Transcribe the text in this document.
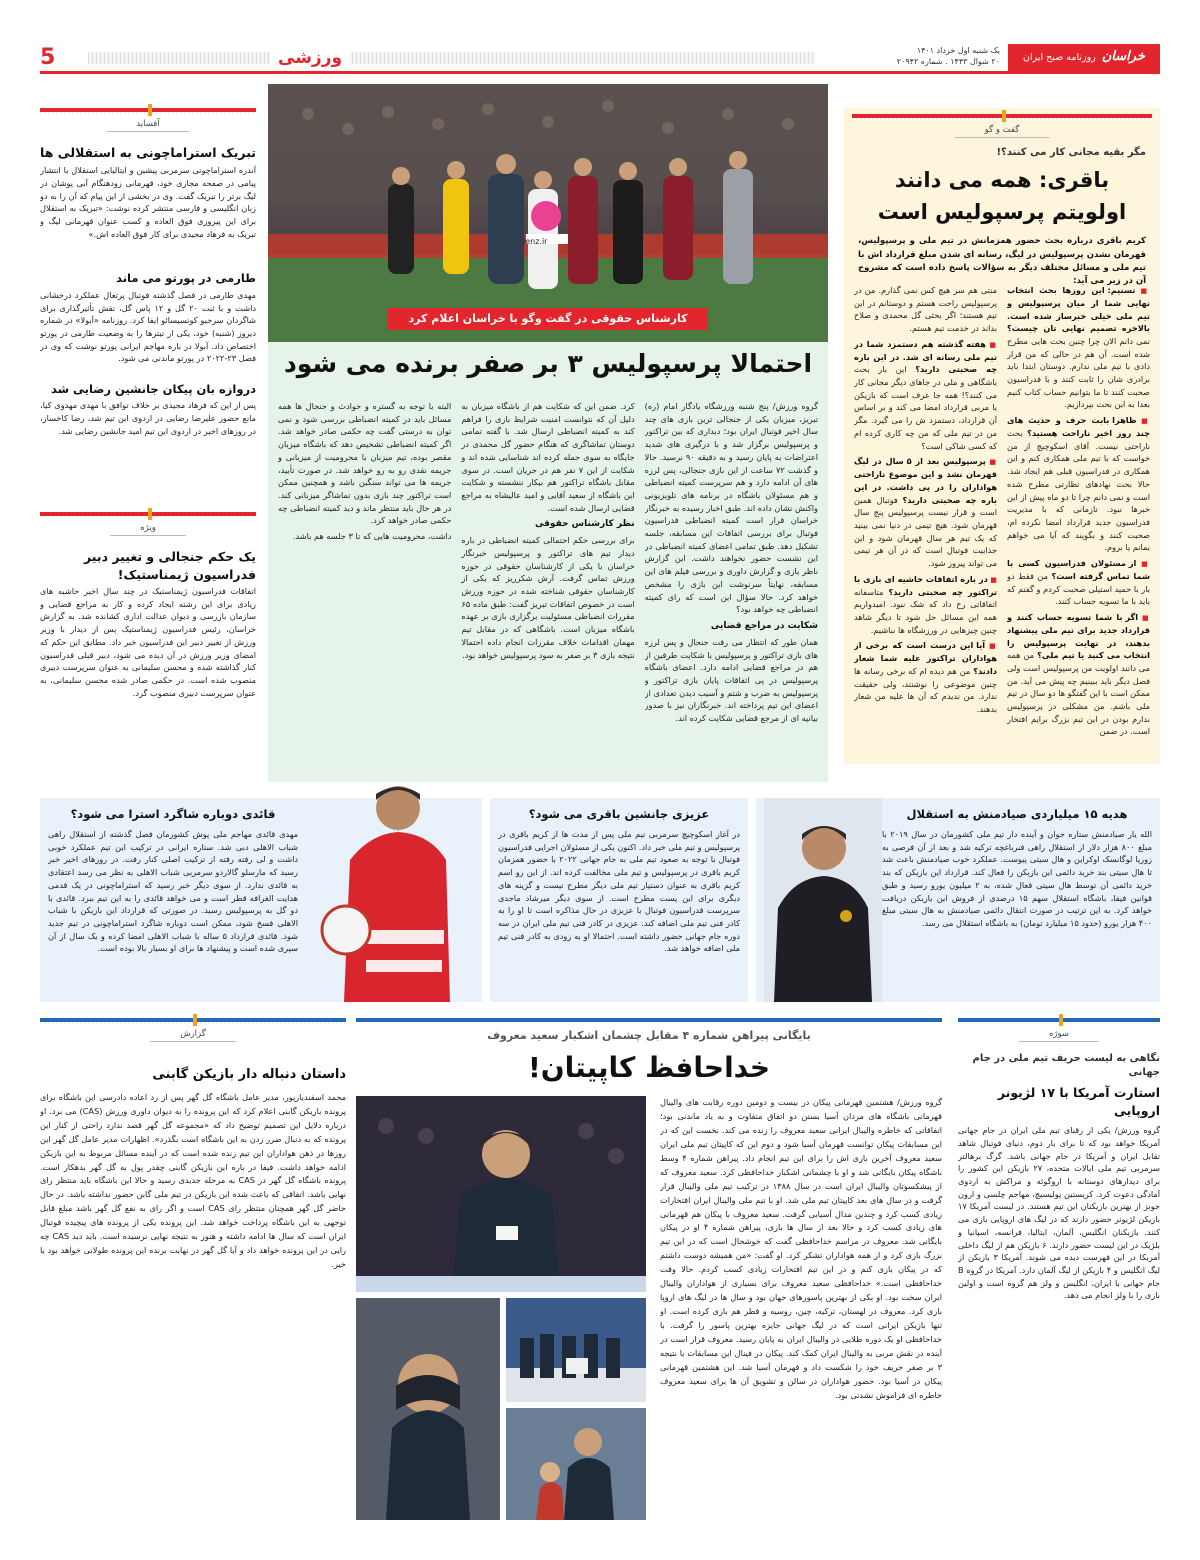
خراسان
روزنامه صبح ایران
یک شنبه اول خرداد ۱۴۰۱
۲۰ شوال ۱۴۴۳ . شماره ۲۰۹۴۲
ورزشی
5
گفت و گو
مگر بقیه مجانی کار می کنند؟!
باقری: همه می دانند
اولویتم پرسپولیس است
کریم باقری درباره بحث حضور همزمانش در تیم ملی و پرسپولیس، قهرمان نشدن پرسپولیس در لیگ، رسانه ای شدن مبلغ قرارداد اش با تیم ملی و مسائل مختلف دیگر به سؤالات پاسخ داده است که مشروح آن در زیر می آید:

■ تسنیم: این روزها بحث انتخاب نهایی شما از میان پرسپولیس و تیم ملی خیلی خبرساز شده است. بالاخره تصمیم نهایی تان چیست؟ نمی دانم الان چرا چنین بحث هایی مطرح شده است. آن هم در حالی که من قرار دادی با تیم ملی ندارم. دوستان ابتدا باید برادری شان را ثابت کنند و با فدراسیون صحبت کنند تا ما بتوانیم حساب کتاب کنیم بعدا به این بحث بپردازیم.

■ ظاهرا بابت حرف و حدیث های چند روز اخیر ناراحت هستید؟ بحث ناراحتی نیست. آقای اسکوچیچ از من خواست که با تیم ملی همکاری کنم و این همکاری در فدراسیون قبلی هم ایجاد شد. حالا بحث نهادهای نظارتی مطرح شده است و نمی دانم چرا تا دو ماه پیش از این خبرها نبود. تازمانی که با مدیریت فدراسیون جدید قرارداد امضا نکرده ام، صحبت کنند و بگویند که آیا می خواهم بمانم یا بروم.

■ از مسئولان فدراسیون کسی با شما تماس گرفته است؟ من فقط دو بار با حمید استیلی صحبت کردم و گفتم که باید با ما تسویه حساب کنند.

■ اگر با شما تسویه حساب کنند و قرارداد جدید برای تیم ملی پیشنهاد بدهند، در نهایت پرسپولیس را انتخاب می کنید یا تیم ملی؟ من همه می دانند اولویت من پرسپولیس است ولی فصل دیگر باید ببینیم چه پیش می آید. من ممکن است با این گفتگو ها دو سال در تیم ملی باشم. من مشکلی در پرسپولیس ندارم بودن در این تیم بزرگ برایم افتخار است. در ضمن

منتی هم سر هیچ کس نمی گذارم. من در پرسپولیس راحت هستم و دوستانم در این تیم هستند؛ اگر بحثی گل محمدی و صلاح بداند در خدمت تیم هستم.

■ هفته گذشته هم دستمزد شما در تیم ملی رسانه ای شد. در این باره چه صحبتی دارید؟ این بار بحث باشگاهی و ملی در جاهای دیگر مجانی کار می کنند؟! همه جا عرف است که بازیکن یا مربی قرارداد امضا می کند و بر اساس آن قرارداد، دستمزد ش را می گیرد. مگر من در تیم ملی که من چه کاری کرده ام که کسی شاکی است؟

■ پرسپولیس بعد از ۵ سال در لیگ قهرمان نشد و این موضوع ناراحتی هواداران را در پی داشت. در این باره چه صحبتی دارید؟ فوتبال همین است و قرار نیست پرسپولیس پنج سال قهرمان شود. هیچ تیمی در دنیا نمی بینید که یک تیم هر سال قهرمان شود و این جذابیت فوتبال است که در آن هر تیمی می تواند پیروز شود.

■ در باره اتفاقات حاشیه ای بازی با تراکتور چه صحبتی دارید؟ متاسفانه اتفاقاتی رخ داد که شک نبود. امیدواریم همه این مسائل حل شود تا دیگر شاهد چنین چیزهایی در ورزشگاه ها نباشیم.

■ آیا این درست است که برخی از هواداران تراکتور علیه شما شعار دادند؟ من هم دیده ام که برخی رسانه ها چنین موضوعی را نوشتند، ولی حقیقت ندارد. من ندیدم که آن ها علیه من شعار بدهند.

lenz.ir
کارشناس حقوقی در گفت وگو با خراسان اعلام کرد
احتمالا پرسپولیس ۳ بر صفر برنده می شود

گروه ورزش/ پنج شنبه ورزشگاه یادگار امام (ره) تبریز، میزبان یکی از جنجالی ترین بازی های چند سال اخیر فوتبال ایران بود؛ دیداری که بین تراکتور و پرسپولیس برگزار شد و با درگیری های شدید اعتراضات به پایان رسید و به دقیقه ۹۰ نرسید. حالا و گذشت ۷۲ ساعت از این بازی جنجالی، پس لرزه های آن ادامه دارد و هم سرپرست کمیته انضباطی و هم مسئولان باشگاه در برنامه های تلویزیونی واکنش نشان داده اند. طبق اخبار رسیده به خبرنگار خراسان قرار است کمیته انضباطی فدراسیون فوتبال برای بررسی اتفاقات این مسابقه، جلسه تشکیل دهد. طبق تمامی اعضای کمیته انضباطی در این نشست حضور نخواهند داشت. این گزارش ناظر بازی و گزارش داوری و بررسی فیلم های این مسابقه، نهایتاً سرنوشت این بازی را مشخص خواهد کرد. حالا سؤال این است که رای کمیته انضباطی چه خواهد بود؟

شکایت در مراجع قضایی

همان طور که انتظار می رفت جنجال و پس لرزه های بازی تراکتور و پرسپولیس با شکایت طرفین از هم در مراجع قضایی ادامه دارد. اعضای باشگاه پرسپولیس در پی اتفاقات پایان بازی تراکتور و پرسپولیس به ضرب و شتم و آسیب دیدن تعدادی از اعضای این تیم پرداخته اند. خبرنگاران نیز با صدور بیانیه ای از مرجع قضایی شکایت کرده اند.

کرد. ضمن این که شکایت هم از باشگاه میزبان به دلیل آن که نتوانست امنیت شرایط بازی را فراهم کند به کمیته انضباطی ارسال شد. با گفته تمامی دوستان تماشاگری که هنگام حضور گل محمدی در جایگاه به سوی حمله کرده اند شناسایی شده اند و شکایت از این ۷ نفر هم در جریان است. در سوی مقابل باشگاه تراکتور هم بیکار ننشسته و شکایت این باشگاه از سعید آقایی و امید عالیشاه به مراجع قضایی ارسال شده است.

نظر کارشناس حقوقی

برای بررسی حکم احتمالی کمیته انضباطی در باره دیدار تیم های تراکتور و پرسپولیس خبرنگار خراسان با یکی از کارشناسان حقوقی در حوزه ورزش تماس گرفت. آرش شکرریز که یکی از کارشناسان حقوقی شناخته شده در حوزه ورزش است در خصوص اتفاقات تبریز گفت: طبق ماده ۶۵ مقررات انضباطی مسئولیت برگزاری بازی بر عهده باشگاه میزبان است. باشگاهی که در مقابل تیم مهمان اقدامات خلاف مقررات انجام داده احتمالا نتیجه بازی ۳ بر صفر به سود پرسپولیس خواهد بود.

البته با توجه به گستره و حوادث و جنجال ها همه مسائل باید در کمیته انضباطی بررسی شود و نمی توان به درستی گفت چه حکمی صادر خواهد شد. اگر کمیته انضباطی تشخیص دهد که باشگاه میزبان مقصر بوده، تیم میزبان با محرومیت از میزبانی و جریمه نقدی رو به رو خواهد شد. در صورت تأیید، جریمه ها می تواند سنگین باشد و همچنین ممکن است تراکتور چند بازی بدون تماشاگر میزبانی کند. در هر حال باید منتظر ماند و دید کمیته انضباطی چه حکمی صادر خواهد کرد.

داشت، محرومیت هایی که تا ۳ جلسه هم باشد.

آفساید
تبریک استراماچونی به استقلالی ها
آندره استراماچونی سرمربی پیشین و ایتالیایی استقلال با انتشار پیامی در صفحه مجازی خود، قهرمانی زودهنگام آبی پوشان در لیگ برتر را تبریک گفت. وی در بخشی از این پیام که آن را به دو زبان انگلیسی و فارسی منتشر کرده نوشت: «تبریک به استقلال برای این پیروزی فوق العاده و کسب عنوان قهرمانی لیگ و تبریک به فرهاد مجیدی برای کار فوق العاده اش.»
طارمی در پورتو می ماند
مهدی طارمی در فصل گذشته فوتبال پرتغال عملکرد درخشانی داشت و با ثبت ۲۰ گل و ۱۲ پاس گل، نقش تأثیرگذاری برای شاگردان سرجیو کونسیسائو ایفا کرد. روزنامه «آبولا» در شماره دیروز (شنبه) خود، یکی از تیترها را به وضعیت طارمی در پورتو اختصاص داد. آبولا در باره مهاجم ایرانی پورتو نوشت که وی در فصل ۲۳-۲۰۲۲ در پورتو ماندنی می شود.
دروازه بان پیکان جانشین رضایی شد
پس از این که فرهاد مجیدی بر خلاف توافق با مهدی مهدوی کیا، مانع حضور علیرضا رضایی در اردوی این تیم شد، رضا کاخساز، در روزهای اخیر در اردوی این تیم امید جانشین رضایی شد.
ویژه
یک حکم جنجالی و تغییر دبیر فدراسیون ژیمناستیک!
اتفاقات فدراسیون ژیمناستیک در چند سال اخیر حاشیه های زیادی برای این رشته ایجاد کرده و کار به مراجع قضایی و سازمان بازرسی و دیوان عدالت اداری کشانده شد. به گزارش خراسان، رئیس فدراسیون ژیمناستیک پس از دیدار با وزیر ورزش از تغییر دبیر این فدراسیون خبر داد. مطابق این حکم که امضای وزیر ورزش در آن دیده می شود، دبیر قبلی فدراسیون کنار گذاشته شده و محسن سلیمانی به عنوان سرپرست دبیری منصوب شده است. در حکمی صادر شده محسن سلیمانی، به عنوان سرپرست دبیری منصوب گرد.
هدیه ۱۵ میلیاردی صیادمنش به استقلال
الله یار صیادمنش ستاره جوان و آینده دار تیم ملی کشورمان در سال ۲۰۱۹ با مبلغ ۸۰۰ هزار دلار از استقلال راهی فنرباغچه ترکیه شد و بعد از آن فرصی به زوریا لوگانسک اوکراین و هال سیتی پیوست. عملکرد خوب صیادمنش باعث شد تا هال سیتی بند خرید دائمی این بازیکن را فعال کند. قرارداد این بازیکن که بند خرید دائمی آن توسط هال سیتی فعال شده، به ۲ میلیون یورو رسید و طبق قوانین فیفا، باشگاه استقلال سهم ۱۵ درصدی از فروش این بازیکن دریافت خواهد کرد. به این ترتیب در صورت انتقال دائمی صیادمنش به هال سیتی مبلغ ۴۰۰ هزار یورو (حدود ۱۵ میلیارد تومان) به باشگاه استقلال می رسد.
عزیزی جانشین باقری می شود؟
در آغاز اسکوچیچ سرمربی تیم ملی پس از مدت ها از کریم باقری در پرسپولیس و تیم ملی خبر داد. اکنون یکی از مسئولان اجرایی فدراسیون فوتبال با توجه به صعود تیم ملی به جام جهانی ۲۰۲۲ با حضور همزمان کریم باقری در پرسپولیس و تیم ملی مخالفت کرده اند. از این رو اسم کریم باقری به عنوان دستیار تیم ملی دیگر مطرح نیست و گزینه های دیگری برای این پست مطرح است. از سوی دیگر میرشاد ماجدی سرپرست فدراسیون فوتبال با عزیزی در حال مذاکره است تا او را به کادر فنی تیم ملی اضافه کند. عزیزی در کادر فنی تیم ملی ایران در سه دوره جام جهانی حضور داشته است. احتمالا او به زودی به کادر فنی تیم ملی اضافه خواهد شد.
قائدی دوباره شاگرد استرا می شود؟
مهدی قائدی مهاجم ملی پوش کشورمان فصل گذشته از استقلال راهی شباب الاهلی دبی شد. ستاره ایرانی در ترکیب این تیم عملکرد خوبی داشت و لی رفته رفته از ترکیب اصلی کنار رفت. در روزهای اخیر خبر رسید که مارسلو گالاردو سرمربی شباب الاهلی به نظر می رسد اعتقادی به قائدی ندارد. از سوی دیگر خبر رسید که استراماچونی در یک قدمی هدایت الغرافه قطر است و می خواهد قائدی را به این تیم ببرد. قائدی با دو گل به پرسپولیس رسید. در صورتی که قرارداد این بازیکن با شباب الاهلی فسخ شود، ممکن است دوباره شاگرد استراماچونی در تیم جدید شود. قائدی قرارداد ۵ ساله با شباب الاهلی امضا کرده و یک سال از آن سپری شده است و پیشنهاد ها برای او بسیار بالا بوده است.
سوژه
نگاهی به لیست حریف تیم ملی در جام جهانی
استارت آمریکا با ۱۷ لژیونر اروپایی
گروه ورزش/ یکی از رقبای تیم ملی ایران در جام جهانی آمریکا خواهد بود که تا برای بار دوم، دنیای فوتبال شاهد تقابل ایران و آمریکا در جام جهانی باشد. گرگ برهالتر سرمربی تیم ملی ایالات متحده، ۲۷ بازیکن این کشور را برای دیدارهای دوستانه با اروگوئه و مراکش به اردوی آمادگی دعوت کرد. کریستین پولیسیچ، مهاجم چلسی و ارون جونز از بهترین بازیکنان این تیم هستند. در لیست آمریکا ۱۷ بازیکن لژیونر حضور دارند که در لیگ های اروپایی بازی می کنند. بازیکنان انگلیس، آلمان، ایتالیا، فرانسه، اسپانیا و بلژیک در این لیست حضور دارند. ۶ بازیکن هم از لیگ داخلی آمریکا در این فهرست دیده می شوند. آمریکا ۳ بازیکن از لیگ انگلیس و ۴ بازیکن از لیگ آلمان دارد. آمریکا در گروه B جام جهانی با ایران، انگلیس و ولز هم گروه است و اولین بازی را با ولز انجام می دهد.
گزارش
داستان دنباله دار بازیکن گابنی
محمد اسفندیارپور، مدیر عامل باشگاه گل گهر پس از رد اعاده دادرسی این باشگاه برای پرونده بازیکن گابنی اعلام کرد که این پرونده را به دیوان داوری ورزش (CAS) می برد. او درباره دلایل این تصمیم توضیح داد که «مجموعه گل گهر قصد ندارد راحتی از کنار این پرونده که به دنبال ضرر زدن به این باشگاه است بگذرد». اظهارات مدیر عامل گل گهر این روزها در ذهن هواداران این تیم زنده شده است که در آینده مسائل مربوط به این بازیکن ادامه خواهد داشت. فیفا در باره این بازیکن گابنی چقدر پول به گل گهر بدهکار است. پرونده باشگاه گل گهر در CAS به مرحله جدیدی رسید و حالا این باشگاه باید منتظر رای نهایی باشد. اتفاقی که باعث شده این بازیکن در تیم ملی گابن حضور نداشته باشد. در حال حاضر گل گهر همچنان منتظر رای CAS است و اگر رای به نفع گل گهر باشد مبلغ قابل توجهی به این باشگاه پرداخت خواهد شد. این پرونده یکی از پرونده های پیچیده فوتبال ایران است که سال ها ادامه داشته و هنوز به نتیجه نهایی نرسیده است. باید دید CAS چه رایی در این پرونده خواهد داد و آیا گل گهر در نهایت برنده این پرونده طولانی خواهد بود یا خیر.
بایگانی پیراهن شماره ۴ مقابل چشمان اشکبار سعید معروف
خداحافظ کاپیتان!
گروه ورزش/ هشتمین قهرمانی پیکان در بیست و دومین دوره رقابت های والیبال قهرمانی باشگاه های مردان آسیا بستن دو اتفاق متفاوت و به یاد ماندنی بود؛ اتفاقاتی که خاطره والیبال ایرانی سعید معروف را زنده می کند. نخست این که در این مسابقات پیکان توانست قهرمان آسیا شود و دوم این که کاپیتان تیم ملی ایران سعید معروف آخرین بازی اش را برای این تیم انجام داد. پیراهن شماره ۴ وسط باشگاه پیکان بایگانی شد و او با چشمانی اشکبار خداحافظی کرد. سعید معروف که از پیشکسوتان والیبال ایران است در سال ۱۳۸۸ در ترکیب تیم ملی والیبال قرار گرفت و در سال های بعد کاپیتان تیم ملی شد. او با تیم ملی والیبال ایران افتخارات زیادی کسب کرد و چندین مدال آسیایی گرفت. سعید معروف با پیکان هم قهرمانی های زیادی کسب کرد و حالا بعد از سال ها بازی، پیراهن شماره ۴ او در پیکان بایگانی شد. معروف در مراسم خداحافظی گفت که خوشحال است که در این تیم بزرگ بازی کرد و از همه هواداران تشکر کرد. او گفت: «من همیشه دوست داشتم که در پیکان بازی کنم و در این تیم افتخارات زیادی کسب کردم. حالا وقت خداحافظی است.» خداحافظی سعید معروف برای بسیاری از هواداران والیبال ایران سخت بود. او یکی از بهترین پاسورهای جهان بود و سال ها در لیگ های اروپا بازی کرد. معروف در لهستان، ترکیه، چین، روسیه و قطر هم بازی کرده است. او تنها بازیکن ایرانی است که در لیگ جهانی جایزه بهترین پاسور را گرفت. با خداحافظی او یک دوره طلایی در والیبال ایران به پایان رسید. معروف قرار است در آینده در نقش مربی به والیبال ایران کمک کند. پیکان در فینال این مسابقات با نتیجه ۳ بر صفر حریف خود را شکست داد و قهرمان آسیا شد. این هشتمین قهرمانی پیکان در آسیا بود. حضور هواداران در سالن و تشویق آن ها برای سعید معروف خاطره ای فراموش نشدنی بود.
